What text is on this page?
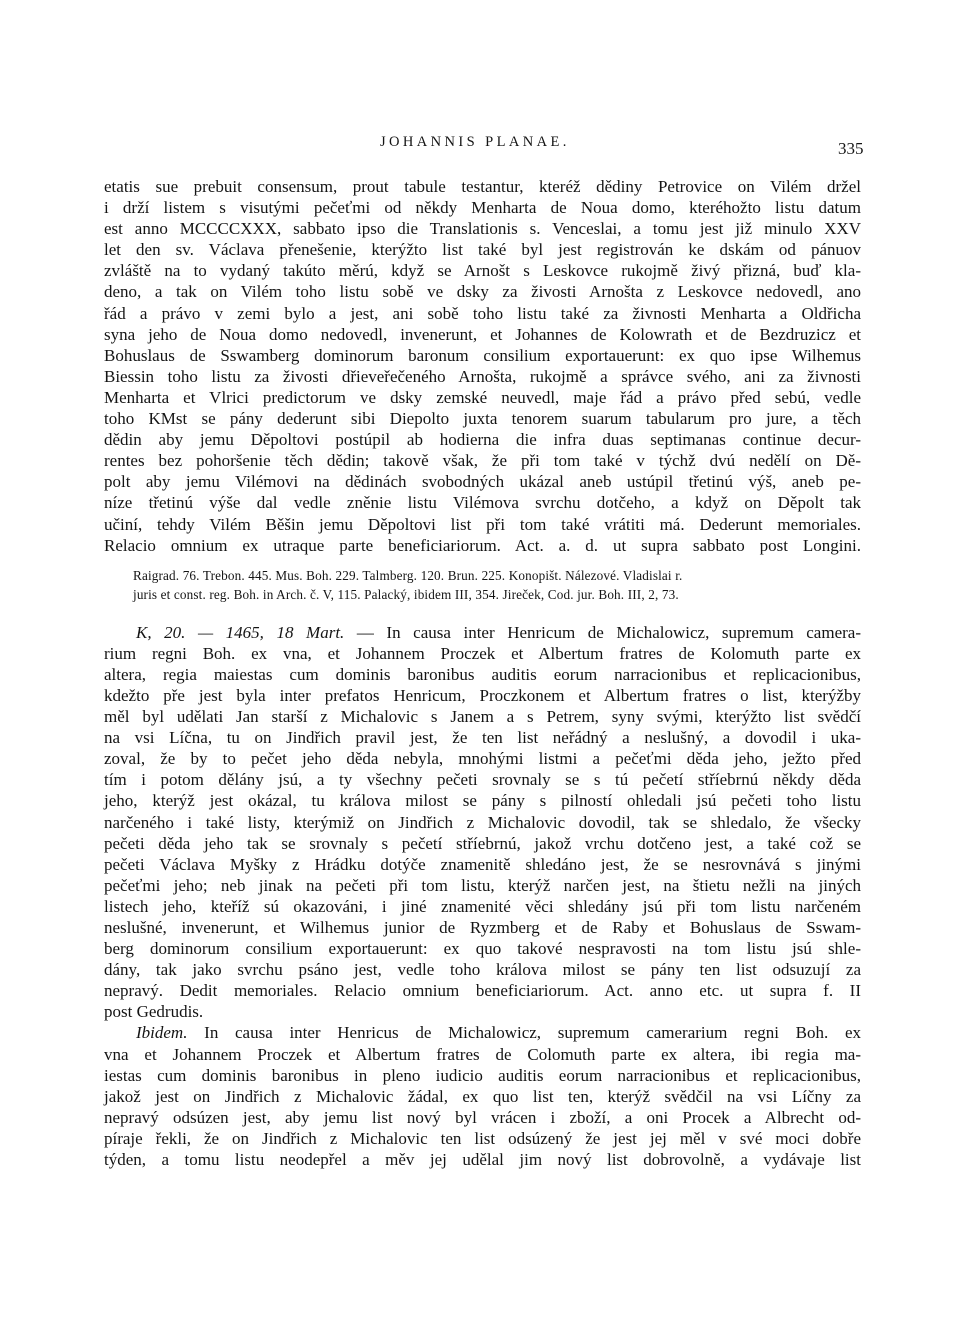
JOHANNIS PLANAE.	335
etatis sue prebuit consensum, prout tabule testantur, kteréž dědiny Petrovice on Vilém držel
i drží listem s visutými pečeťmi od někdy Menharta de Noua domo, kteréhožto listu datum
est anno MCCCCXXX, sabbato ipso die Translationis s. Venceslai, a tomu jest již minulo XXV
let den sv. Václava přenešenie, kterýžto list také byl jest registrován ke dskám od pánuov
zvláště na to vydaný takúto měrú, když se Arnošt s Leskovce rukojmě živý přizná, buď kla-
deno, a tak on Vilém toho listu sobě ve dsky za živosti Arnošta z Leskovce nedovedl, ano
řád a právo v zemi bylo a jest, ani sobě toho listu také za živnosti Menharta a Oldřicha
syna jeho de Noua domo nedovedl, invenerunt, et Johannes de Kolowrath et de Bezdruzicz et
Bohuslaus de Sswamberg dominorum baronum consilium exportauerunt: ex quo ipse Wilhemus
Biessin toho listu za živosti dřieveřečeného Arnošta, rukojmě a správce svého, ani za živnosti
Menharta et Vlrici predictorum ve dsky zemské neuvedl, maje řád a právo před sebú, vedle
toho KMst se pány dederunt sibi Diepolto juxta tenorem suarum tabularum pro jure, a těch
dědin aby jemu Děpoltovi postúpil ab hodierna die infra duas septimanas continue decur-
rentes bez pohoršenie těch dědin; takově však, že při tom také v týchž dvú nedělí on Dě-
polt aby jemu Vilémovi na dědinách svobodných ukázal aneb ustúpil třetinú výš, aneb pe-
níze třetinú výše dal vedle zněnie listu Vilémova svrchu dotčeho, a když on Děpolt tak
učiní, tehdy Vilém Běšin jemu Děpoltovi list při tom také vrátiti má. Dederunt memoriales.
Relacio omnium ex utraque parte beneficiariorum. Act. a. d. ut supra sabbato post Longini.
Raigrad. 76. Trebon. 445. Mus. Boh. 229. Talmberg. 120. Brun. 225. Konopišt. Nálezové. Vladislai r.
juris et const. reg. Boh. in Arch. č. V, 115. Palacký, ibidem III, 354. Jireček, Cod. jur. Boh. III, 2, 73.
K, 20. — 1465, 18 Mart. — In causa inter Henricum de Michalowicz, supremum camera-
rium regni Boh. ex vna, et Johannem Proczek et Albertum fratres de Kolomuth parte ex
altera, regia maiestas cum dominis baronibus auditis eorum narracionibus et replicacionibus,
kdežto pře jest byla inter prefatos Henricum, Proczkonem et Albertum fratres o list, kterýžby
měl byl udělati Jan starší z Michalovic s Janem a s Petrem, syny svými, kterýžto list svědčí
na vsi Líčna, tu on Jindřich pravil jest, že ten list neřádný a neslušný, a dovodil i uka-
zoval, že by to pečet jeho děda nebyla, mnohými listmi a pečeťmi děda jeho, ježto před
tím i potom dělány jsú, a ty všechny pečeti srovnaly se s tú pečetí stříebrnú někdy děda
jeho, kterýž jest okázal, tu králova milost se pány s pilností ohledali jsú pečeti toho listu
narčeného i také listy, kterýmiž on Jindřich z Michalovic dovodil, tak se shledalo, že všecky
pečeti děda jeho tak se srovnaly s pečetí stříebrnú, jakož vrchu dotčeno jest, a také což se
pečeti Václava Myšky z Hrádku dotýče znamenitě shledáno jest, že se nesrovnává s jinými
pečeťmi jeho; neb jinak na pečeti při tom listu, kterýž narčen jest, na štietu nežli na jiných
listech jeho, kteříž sú okazováni, i jiné znamenité věci shledány jsú při tom listu narčeném
neslušné, invenerunt, et Wilhemus junior de Ryzmberg et de Raby et Bohuslaus de Sswam-
berg dominorum consilium exportauerunt: ex quo takové nespravosti na tom listu jsú shle-
dány, tak jako svrchu psáno jest, vedle toho králova milost se pány ten list odsuzují za
nepravý. Dedit memoriales. Relacio omnium beneficiariorum. Act. anno etc. ut supra f. II
post Gedrudis.
Ibidem. In causa inter Henricus de Michalowicz, supremum camerarium regni Boh. ex
vna et Johannem Proczek et Albertum fratres de Colomuth parte ex altera, ibi regia ma-
iestas cum dominis baronibus in pleno iudicio auditis eorum narracionibus et replicacionibus,
jakož jest on Jindřich z Michalovic žádal, ex quo list ten, kterýž svědčil na vsi Líčny za
nepravý odsúzen jest, aby jemu list nový byl vrácen i zboží, a oni Procek a Albrecht od-
píraje řekli, že on Jindřich z Michalovic ten list odsúzený že jest jej měl v své moci dobře
týden, a tomu listu neodepřel a měv jej udělal jim nový list dobrovolně, a vydávaje list
